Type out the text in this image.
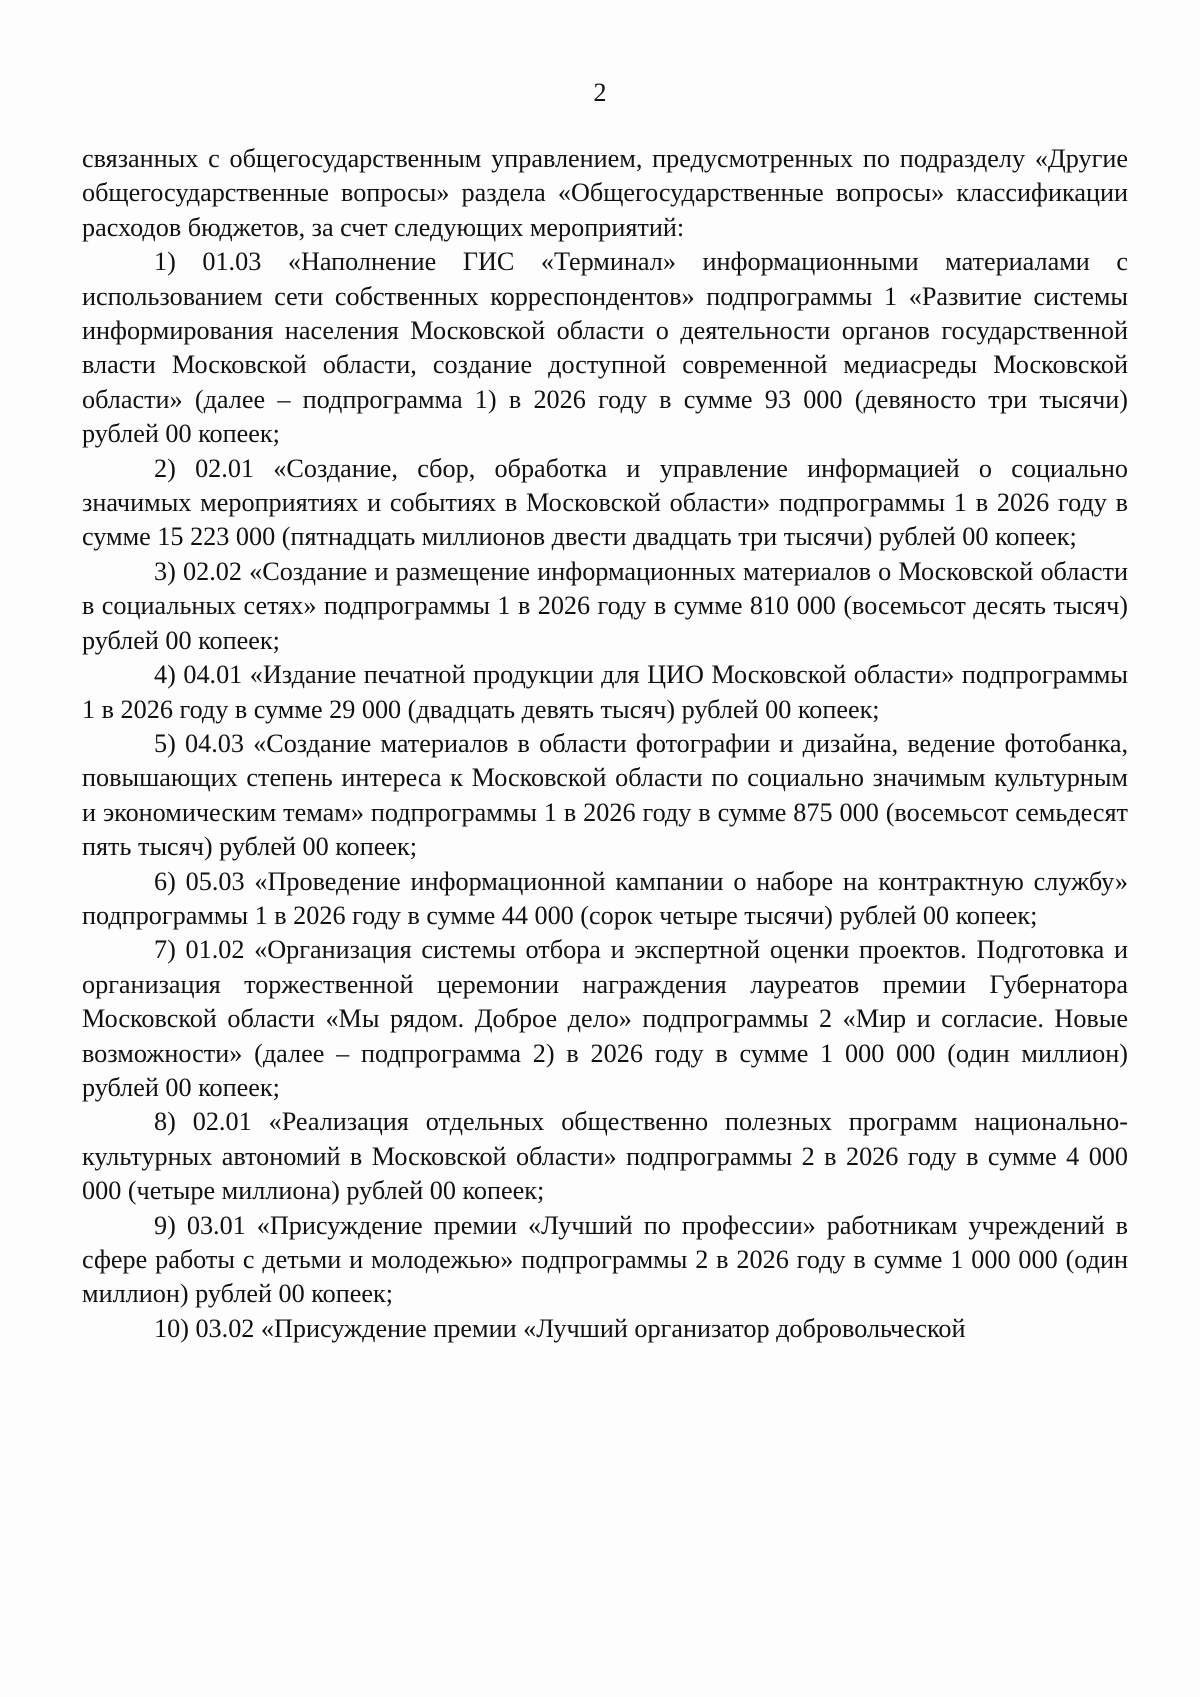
2

связанных с общегосударственным управлением, предусмотренных по подразделу «Другие общегосударственные вопросы» раздела «Общегосударственные вопросы» классификации расходов бюджетов, за счет следующих мероприятий:

1) 01.03 «Наполнение ГИС «Терминал» информационными материалами с использованием сети собственных корреспондентов» подпрограммы 1 «Развитие системы информирования населения Московской области о деятельности органов государственной власти Московской области, создание доступной современной медиасреды Московской области» (далее – подпрограмма 1) в 2026 году в сумме 93 000 (девяносто три тысячи) рублей 00 копеек;

2) 02.01 «Создание, сбор, обработка и управление информацией о социально значимых мероприятиях и событиях в Московской области» подпрограммы 1 в 2026 году в сумме 15 223 000 (пятнадцать миллионов двести двадцать три тысячи) рублей 00 копеек;

3) 02.02 «Создание и размещение информационных материалов о Московской области в социальных сетях» подпрограммы 1 в 2026 году в сумме 810 000 (восемьсот десять тысяч) рублей 00 копеек;

4) 04.01 «Издание печатной продукции для ЦИО Московской области» подпрограммы 1 в 2026 году в сумме 29 000 (двадцать девять тысяч) рублей 00 копеек;

5) 04.03 «Создание материалов в области фотографии и дизайна, ведение фотобанка, повышающих степень интереса к Московской области по социально значимым культурным и экономическим темам» подпрограммы 1 в 2026 году в сумме 875 000 (восемьсот семьдесят пять тысяч) рублей 00 копеек;

6) 05.03 «Проведение информационной кампании о наборе на контрактную службу» подпрограммы 1 в 2026 году в сумме 44 000 (сорок четыре тысячи) рублей 00 копеек;

7) 01.02 «Организация системы отбора и экспертной оценки проектов. Подготовка и организация торжественной церемонии награждения лауреатов премии Губернатора Московской области «Мы рядом. Доброе дело» подпрограммы 2 «Мир и согласие. Новые возможности» (далее – подпрограмма 2) в 2026 году в сумме 1 000 000 (один миллион) рублей 00 копеек;

8) 02.01 «Реализация отдельных общественно полезных программ национально-культурных автономий в Московской области» подпрограммы 2 в 2026 году в сумме 4 000 000 (четыре миллиона) рублей 00 копеек;

9) 03.01 «Присуждение премии «Лучший по профессии» работникам учреждений в сфере работы с детьми и молодежью» подпрограммы 2 в 2026 году в сумме 1 000 000 (один миллион) рублей 00 копеек;

10) 03.02 «Присуждение премии «Лучший организатор добровольческой
